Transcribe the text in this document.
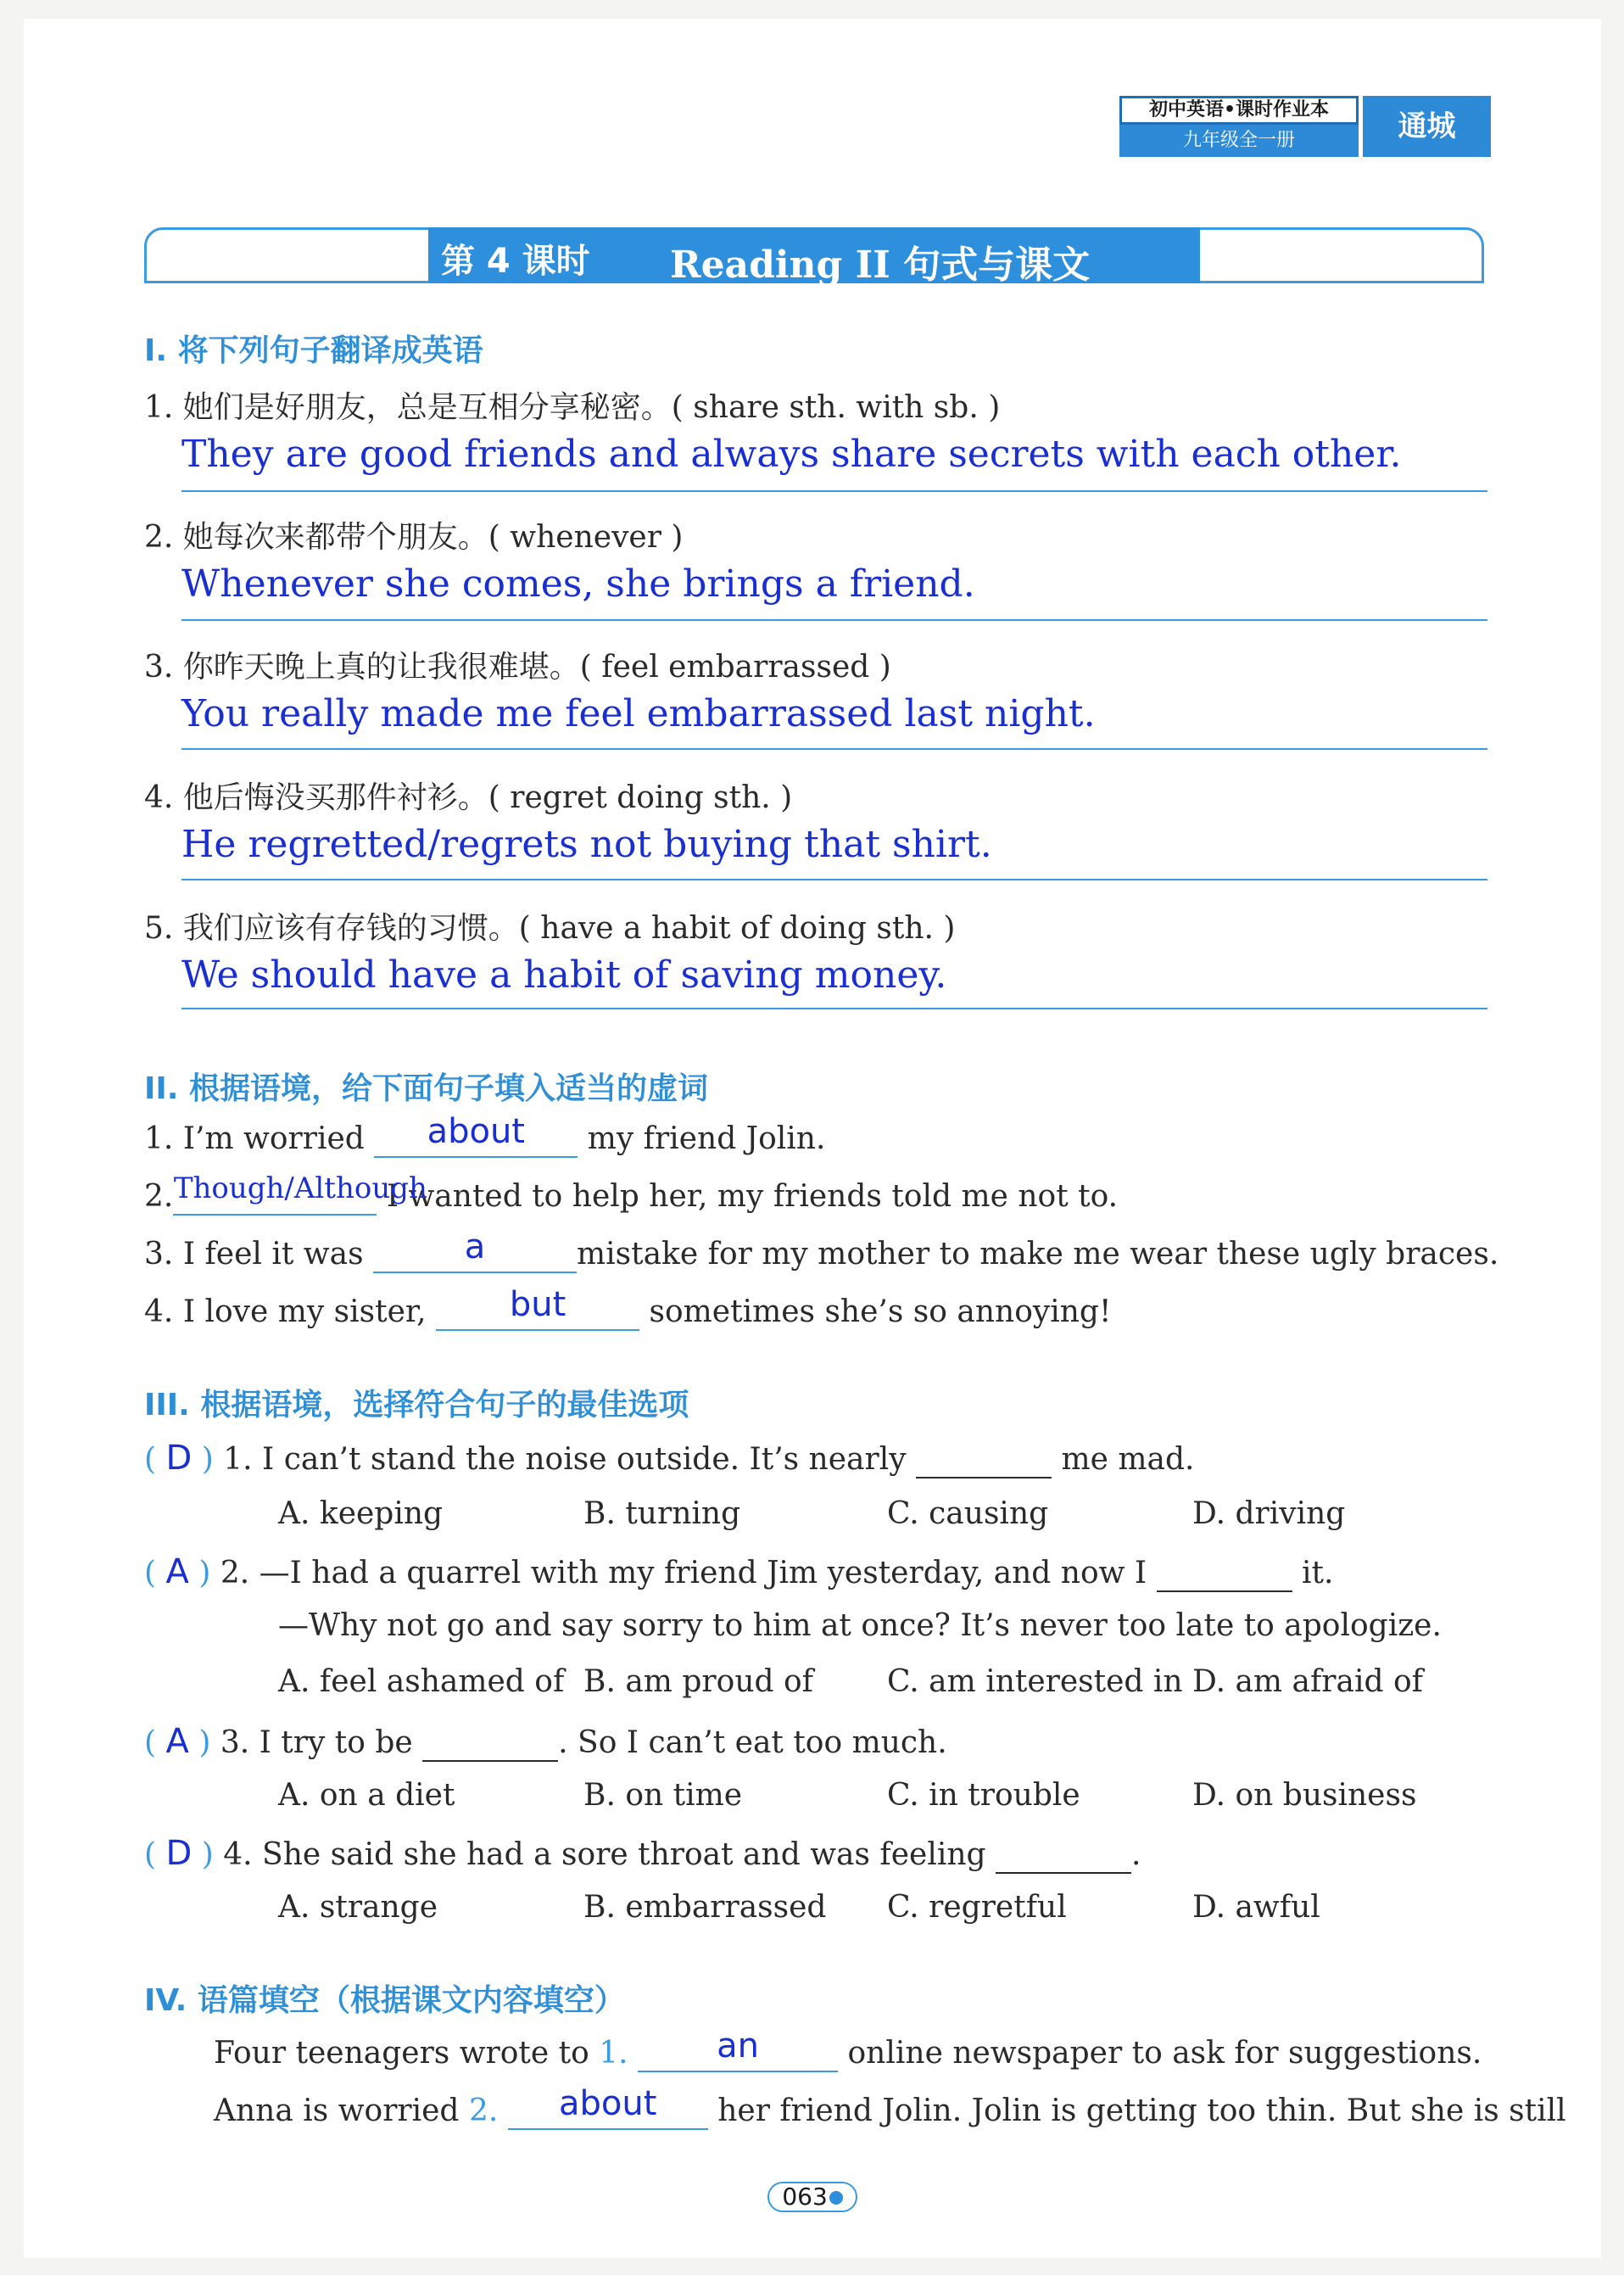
初中英语•课时作业本
九年级全一册	通城
第 4 课时 Reading II 句式与课文
I. 将下列句子翻译成英语
1. 她们是好朋友，总是互相分享秘密。( share sth. with sb. )
They are good friends and always share secrets with each other.
2. 她每次来都带个朋友。( whenever )
Whenever she comes, she brings a friend.
3. 你昨天晚上真的让我很难堪。( feel embarrassed )
You really made me feel embarrassed last night.
4. 他后悔没买那件衬衫。( regret doing sth. )
He regretted/regrets not buying that shirt.
5. 我们应该有存钱的习惯。( have a habit of doing sth. )
We should have a habit of saving money.
II. 根据语境，给下面句子填入适当的虚词
1. I’m worried	about	my friend Jolin.
2. Though/Although
I wanted to help her, my friends told me not to.
3. I feel it was	a	mistake for my mother to make me wear these ugly braces.
4. I love my sister,	but	sometimes she’s so annoying!
III. 根据语境，选择符合句子的最佳选项
( D ) 1. I can’t stand the noise outside. It’s nearly	me mad.
A. keeping	B. turning	C. causing	D. driving
( A ) 2. —I had a quarrel with my friend Jim yesterday, and now I	it.
—Why not go and say sorry to him at once? It’s never too late to apologize.
A. feel ashamed of B. am proud of C. am interested in D. am afraid of
( A ) 3. I try to be	. So I can’t eat too much.
A. on a diet	B. on time	C. in trouble	D. on business
( D ) 4. She said she had a sore throat and was feeling	.
A. strange	B. embarrassed C. regretful	D. awful
IV. 语篇填空（根据课文内容填空）
Four teenagers wrote to 1.	an	online newspaper to ask for suggestions.
Anna is worried 2.	about	her friend Jolin. Jolin is getting too thin. But she is still
063
